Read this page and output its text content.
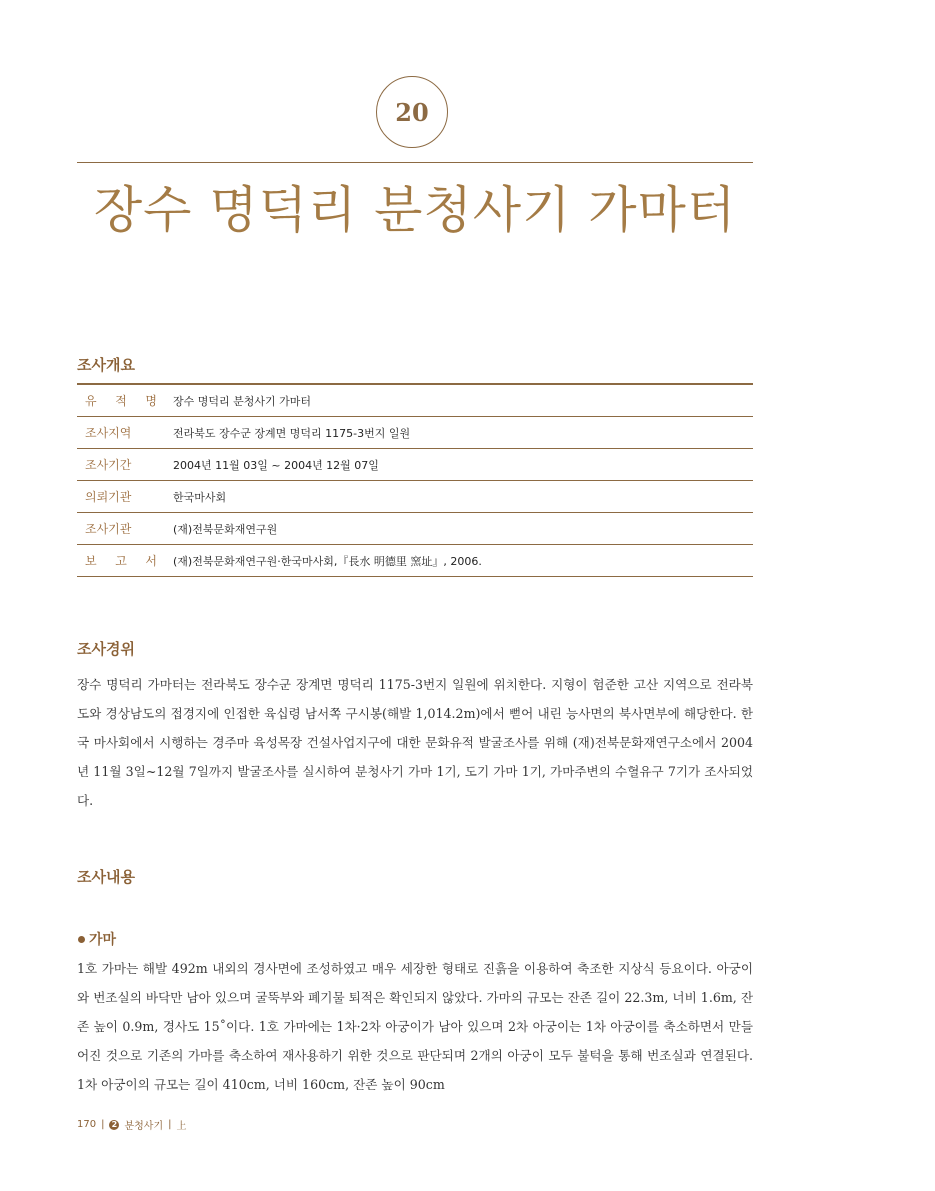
20
장수 명덕리 분청사기 가마터
조사개요
유 적 명	장수 명덕리 분청사기 가마터
조사지역	전라북도 장수군 장계면 명덕리 1175-3번지 일원
조사기간	2004년 11월 03일 ~ 2004년 12월 07일
의뢰기관	한국마사회
조사기관	(재)전북문화재연구원
보 고 서	(재)전북문화재연구원·한국마사회,『長水 明德里 窯址』, 2006.
조사경위

장수 명덕리 가마터는 전라북도 장수군 장계면 명덕리 1175-3번지 일원에 위치한다. 지형이 험준한 고산 지역으로 전라북도와 경상남도의 접경지에 인접한 육십령 남서쪽 구시봉(해발 1,014.2m)에서 뻗어 내린 능사면의 북사면부에 해당한다. 한국 마사회에서 시행하는 경주마 육성목장 건설사업지구에 대한 문화유적 발굴조사를 위해 (재)전북문화재연구소에서 2004년 11월 3일~12월 7일까지 발굴조사를 실시하여 분청사기 가마 1기, 도기 가마 1기, 가마주변의 수혈유구 7기가 조사되었다.

조사내용
가마

1호 가마는 해발 492m 내외의 경사면에 조성하였고 매우 세장한 형태로 진흙을 이용하여 축조한 지상식 등요이다. 아궁이와 번조실의 바닥만 남아 있으며 굴뚝부와 폐기물 퇴적은 확인되지 않았다. 가마의 규모는 잔존 길이 22.3m, 너비 1.6m, 잔존 높이 0.9m, 경사도 15˚이다. 1호 가마에는 1차·2차 아궁이가 남아 있으며 2차 아궁이는 1차 아궁이를 축소하면서 만들어진 것으로 기존의 가마를 축소하여 재사용하기 위한 것으로 판단되며 2개의 아궁이 모두 불턱을 통해 번조실과 연결된다. 1차 아궁이의 규모는 길이 410cm, 너비 160cm, 잔존 높이 90cm

170 | 2 분청사기 | 上
